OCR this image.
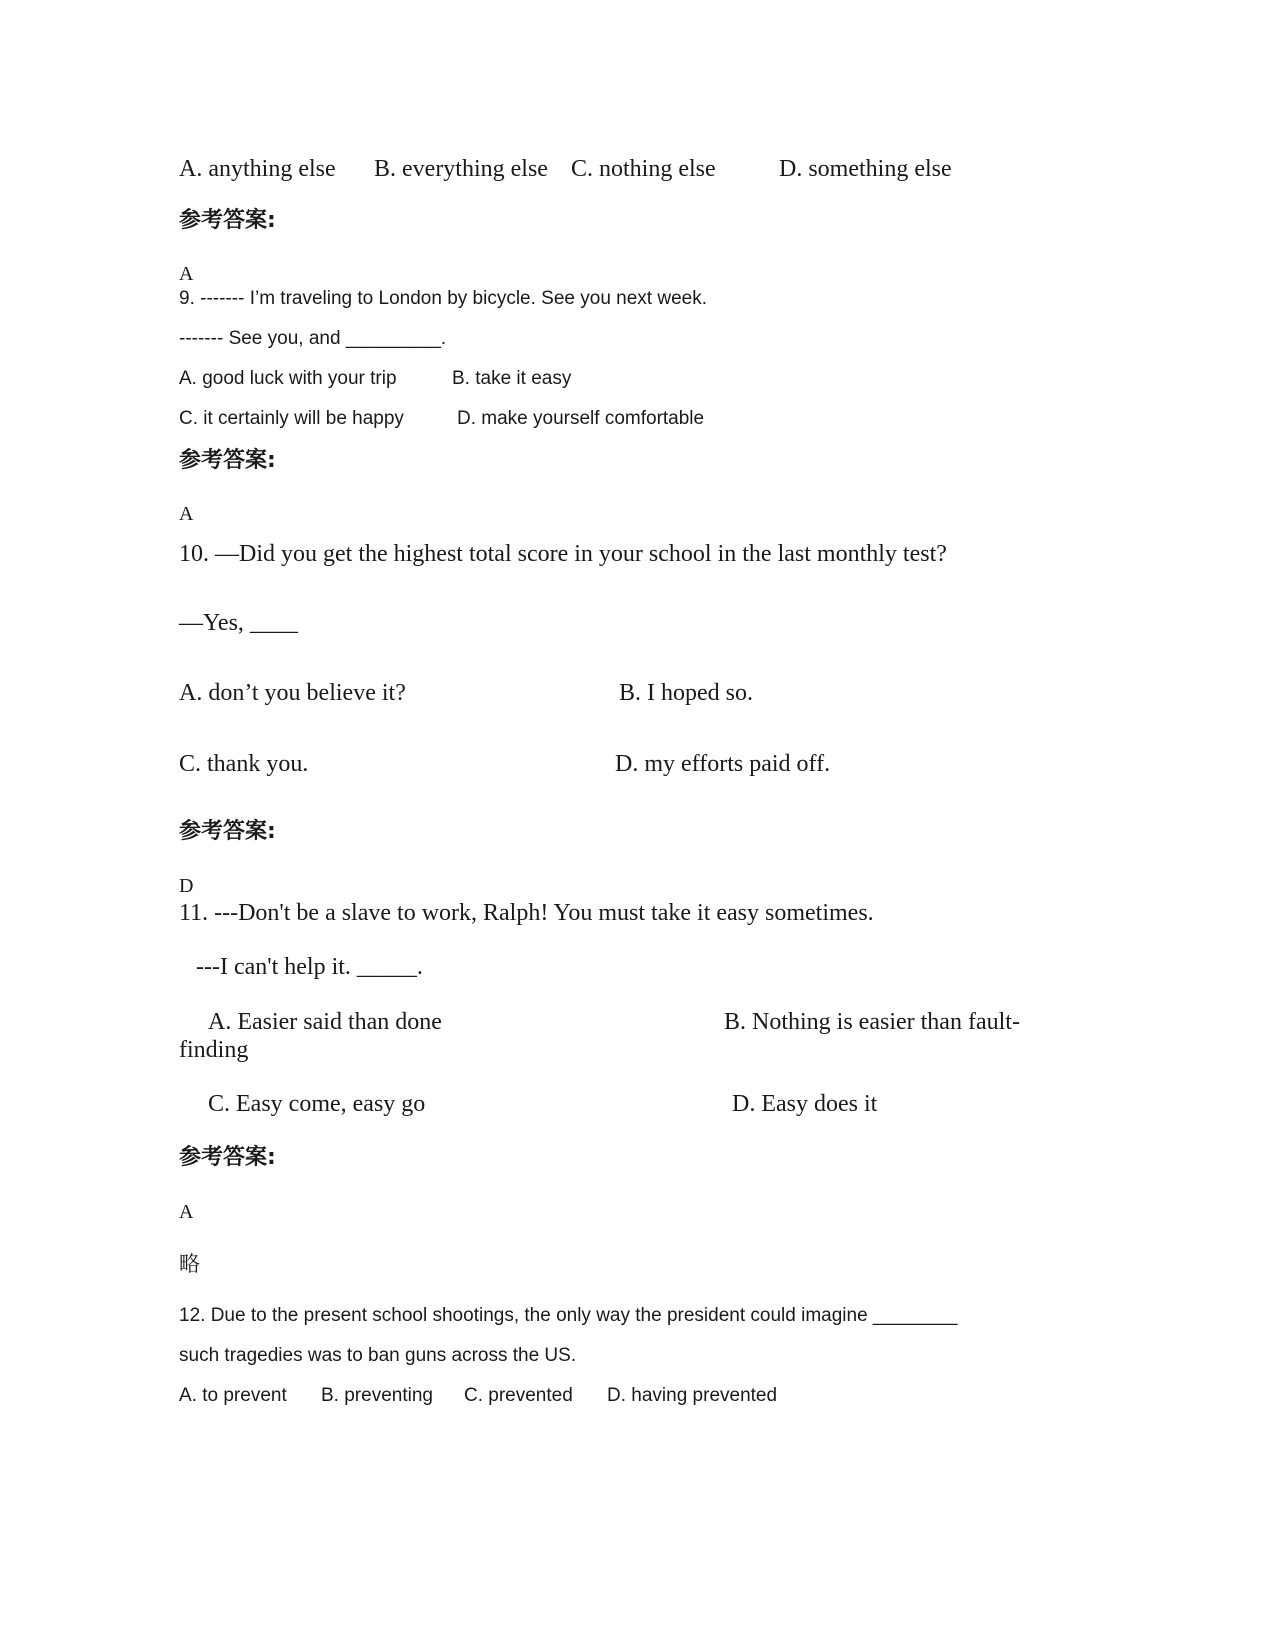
A. anything else B. everything else C. nothing else	D. something else
参考答案:
A
9. ------- I’m traveling to London by bicycle. See you next week.
------- See you, and _________.
A. good luck with your trip	B. take it easy
C. it certainly will be happy	D. make yourself comfortable
参考答案:
A
10. —Did you get the highest total score in your school in the last monthly test?
—Yes, ____
A. don’t you believe it?	B. I hoped so.
C. thank you.	D. my efforts paid off.
参考答案:
D
11. ---Don't be a slave to work, Ralph! You must take it easy sometimes.
---I can't help it. _____.
A. Easier said than done	B. Nothing is easier than fault-
finding
C. Easy come, easy go	D. Easy does it
参考答案:
A
略
12. Due to the present school shootings, the only way the president could imagine ________
such tragedies was to ban guns across the US.
A. to prevent B. preventing C. prevented D. having prevented
